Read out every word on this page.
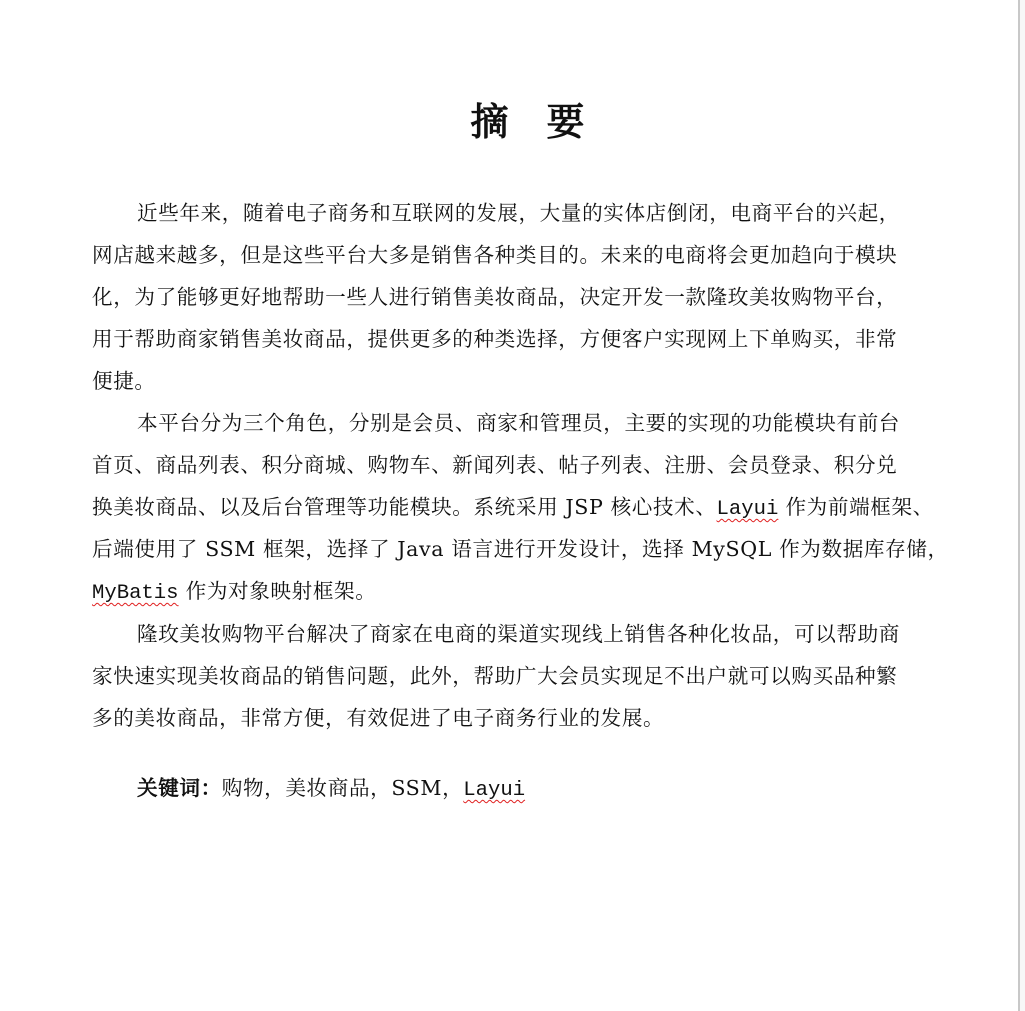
摘 要
近些年来，随着电子商务和互联网的发展，大量的实体店倒闭，电商平台的兴起，
网店越来越多，但是这些平台大多是销售各种类目的。未来的电商将会更加趋向于模块
化，为了能够更好地帮助一些人进行销售美妆商品，决定开发一款隆玫美妆购物平台，
用于帮助商家销售美妆商品，提供更多的种类选择，方便客户实现网上下单购买，非常
便捷。
本平台分为三个角色，分别是会员、商家和管理员，主要的实现的功能模块有前台
首页、商品列表、积分商城、购物车、新闻列表、帖子列表、注册、会员登录、积分兑
换美妆商品、以及后台管理等功能模块。系统采用 JSP 核心技术、Layui 作为前端框架、
后端使用了 SSM 框架，选择了 Java 语言进行开发设计，选择 MySQL 作为数据库存储，
MyBatis 作为对象映射框架。
隆玫美妆购物平台解决了商家在电商的渠道实现线上销售各种化妆品，可以帮助商
家快速实现美妆商品的销售问题，此外，帮助广大会员实现足不出户就可以购买品种繁
多的美妆商品，非常方便，有效促进了电子商务行业的发展。
关键词：购物，美妆商品，SSM，Layui
